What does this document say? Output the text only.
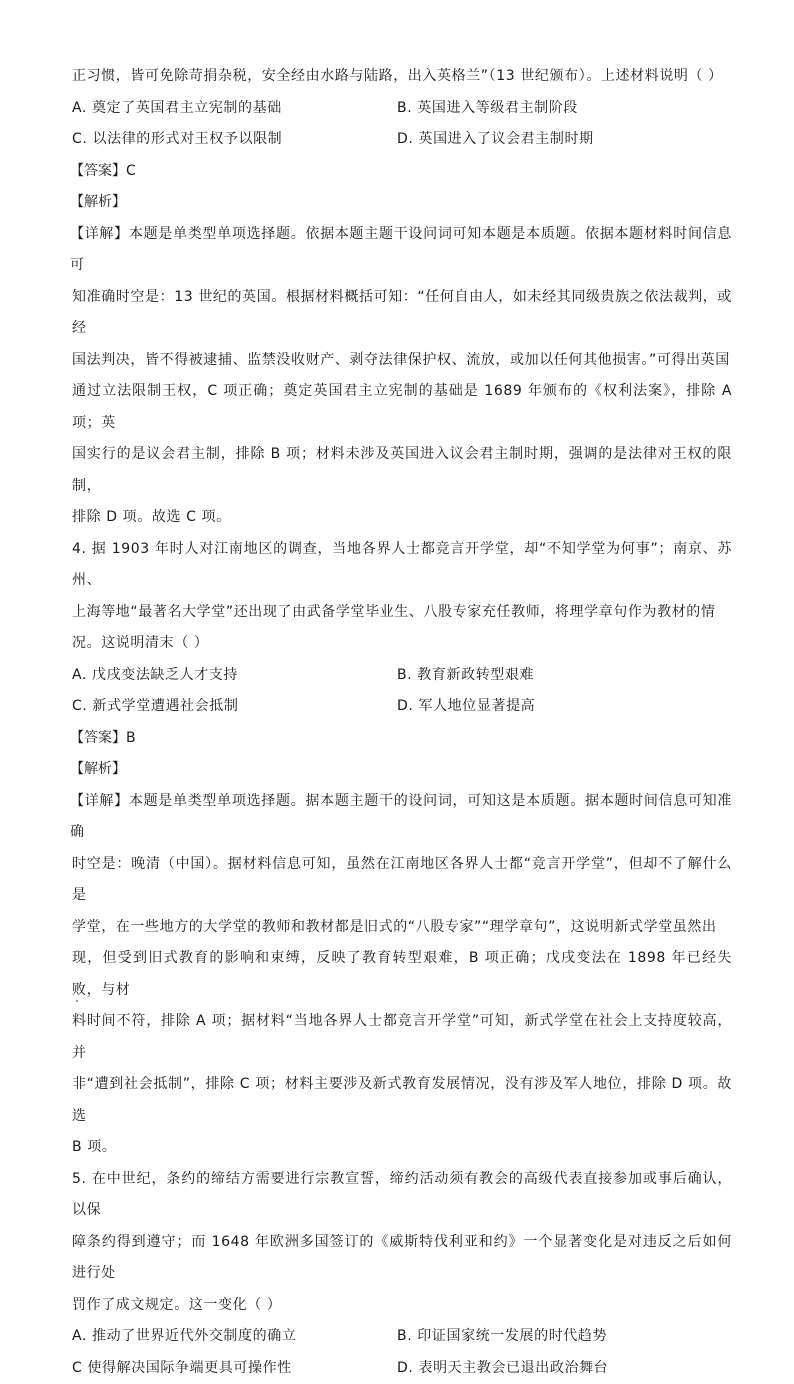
正习惯，皆可免除苛捐杂税，安全经由水路与陆路，出入英格兰”（13 世纪颁布）。上述材料说明（ ）

A. 奠定了英国君主立宪制的基础	B. 英国进入等级君主制阶段
C. 以法律的形式对王权予以限制	D. 英国进入了议会君主制时期
【答案】C
【解析】

【详解】本题是单类型单项选择题。依据本题主题干设问词可知本题是本质题。依据本题材料时间信息可

知准确时空是：13 世纪的英国。根据材料概括可知：“任何自由人，如未经其同级贵族之依法裁判，或经

国法判决，皆不得被逮捕、监禁没收财产、剥夺法律保护权、流放，或加以任何其他损害。”可得出英国

通过立法限制王权，C 项正确；奠定英国君主立宪制的基础是 1689 年颁布的《权利法案》，排除 A 项；英

国实行的是议会君主制，排除 B 项；材料未涉及英国进入议会君主制时期，强调的是法律对王权的限制，

排除 D 项。故选 C 项。

4. 据 1903 年时人对江南地区的调查，当地各界人士都竞言开学堂，却“不知学堂为何事”；南京、苏州、

上海等地“最著名大学堂”还出现了由武备学堂毕业生、八股专家充任教师，将理学章句作为教材的情

况。这说明清末（ ）

A. 戊戌变法缺乏人才支持	B. 教育新政转型艰难
C. 新式学堂遭遇社会抵制	D. 军人地位显著提高
【答案】B
【解析】

【详解】本题是单类型单项选择题。据本题主题干的设问词，可知这是本质题。据本题时间信息可知准确

时空是：晚清（中国）。据材料信息可知，虽然在江南地区各界人士都“竞言开学堂”，但却不了解什么是

学堂，在一些地方的大学堂的教师和教材都是旧式的“八股专家”“理学章句”，这说明新式学堂虽然出

现，但受到旧式教育的影响和束缚，反映了教育转型艰难，B 项正确；戊戌变法在 1898 年已经失败，与材

料时间不符，排除 A 项；据材料“当地各界人士都竞言开学堂”可知，新式学堂在社会上支持度较高，并

非“遭到社会抵制”，排除 C 项；材料主要涉及新式教育发展情况，没有涉及军人地位，排除 D 项。故选

B 项。

5. 在中世纪，条约的缔结方需要进行宗教宣誓，缔约活动须有教会的高级代表直接参加或事后确认，以保

障条约得到遵守；而 1648 年欧洲多国签订的《威斯特伐利亚和约》一个显著变化是对违反之后如何进行处

罚作了成文规定。这一变化（ ）

A. 推动了世界近代外交制度的确立	B. 印证国家统一发展的时代趋势
C 使得解决国际争端更具可操作性	D. 表明天主教会已退出政治舞台
